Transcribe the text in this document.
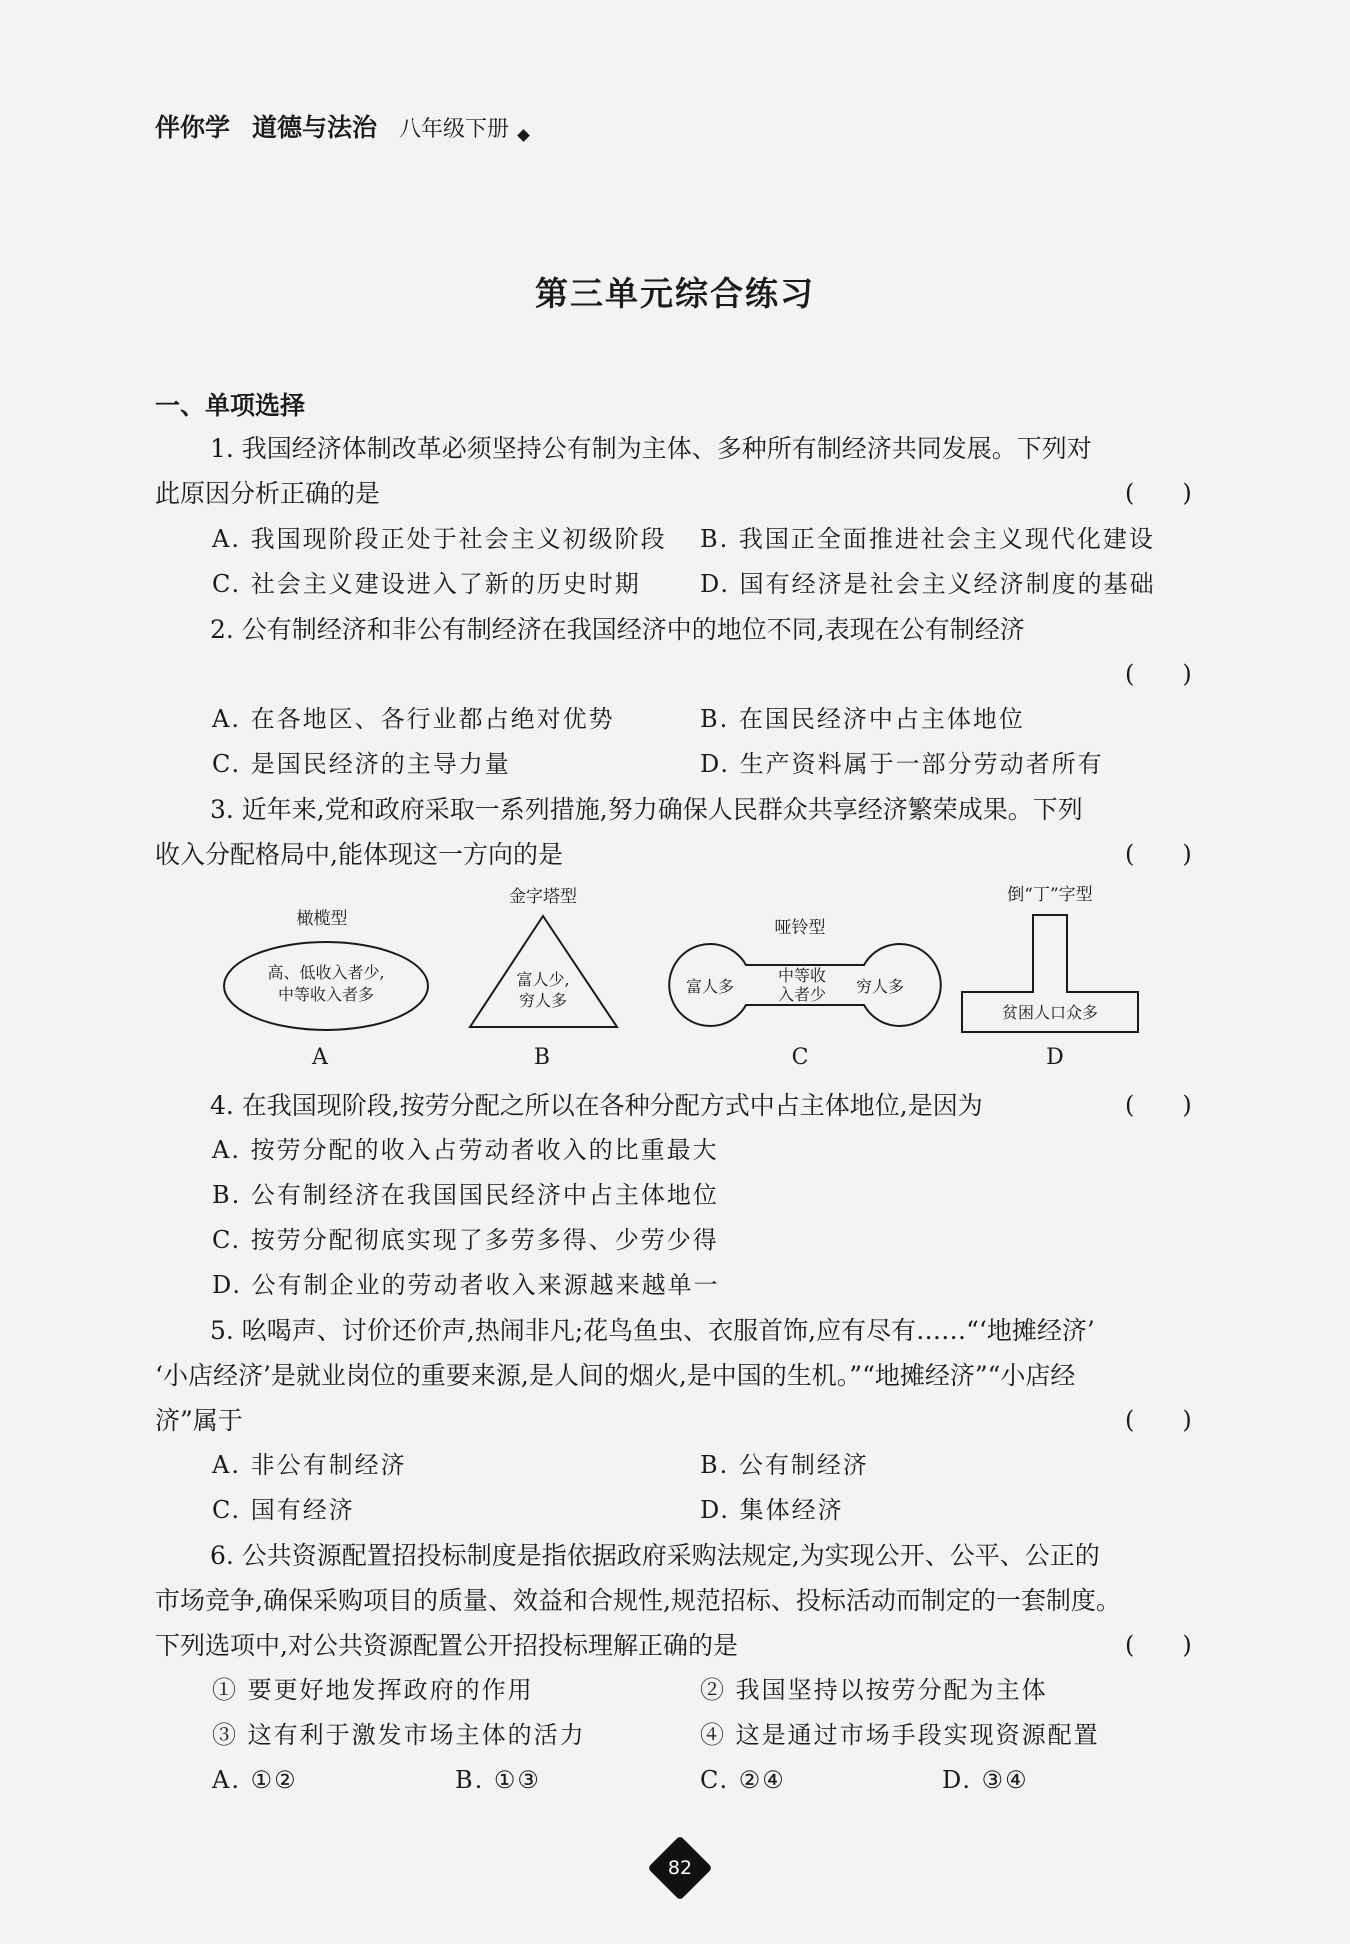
伴你学 道德与法治 八年级下册
第三单元综合练习
一、单项选择
1. 我国经济体制改革必须坚持公有制为主体、多种所有制经济共同发展。下列对
此原因分析正确的是	(　　)
A. 我国现阶段正处于社会主义初级阶段 B. 我国正全面推进社会主义现代化建设
C. 社会主义建设进入了新的历史时期 D. 国有经济是社会主义经济制度的基础
2. 公有制经济和非公有制经济在我国经济中的地位不同,表现在公有制经济
(　　)
A. 在各地区、各行业都占绝对优势	B. 在国民经济中占主体地位
C. 是国民经济的主导力量	D. 生产资料属于一部分劳动者所有
3. 近年来,党和政府采取一系列措施,努力确保人民群众共享经济繁荣成果。下列
收入分配格局中,能体现这一方向的是	(　　)
橄榄型
高、低收入者少,
中等收入者多
A
金字塔型
富人少,
穷人多
B
哑铃型
富人多
中等收
入者少 穷人多
C
倒“丁”字型
贫困人口众多
D
4. 在我国现阶段,按劳分配之所以在各种分配方式中占主体地位,是因为	(　　)
A. 按劳分配的收入占劳动者收入的比重最大
B. 公有制经济在我国国民经济中占主体地位
C. 按劳分配彻底实现了多劳多得、少劳少得
D. 公有制企业的劳动者收入来源越来越单一
5. 吆喝声、讨价还价声,热闹非凡;花鸟鱼虫、衣服首饰,应有尽有……“‘地摊经济’
‘小店经济’是就业岗位的重要来源,是人间的烟火,是中国的生机。”“地摊经济”“小店经
济”属于	(　　)
A. 非公有制经济	B. 公有制经济
C. 国有经济	D. 集体经济
6. 公共资源配置招投标制度是指依据政府采购法规定,为实现公开、公平、公正的
市场竞争,确保采购项目的质量、效益和合规性,规范招标、投标活动而制定的一套制度。
下列选项中,对公共资源配置公开招投标理解正确的是	(　　)
① 要更好地发挥政府的作用	② 我国坚持以按劳分配为主体
③ 这有利于激发市场主体的活力	④ 这是通过市场手段实现资源配置
A. ①②	B. ①③	C. ②④	D. ③④
82
